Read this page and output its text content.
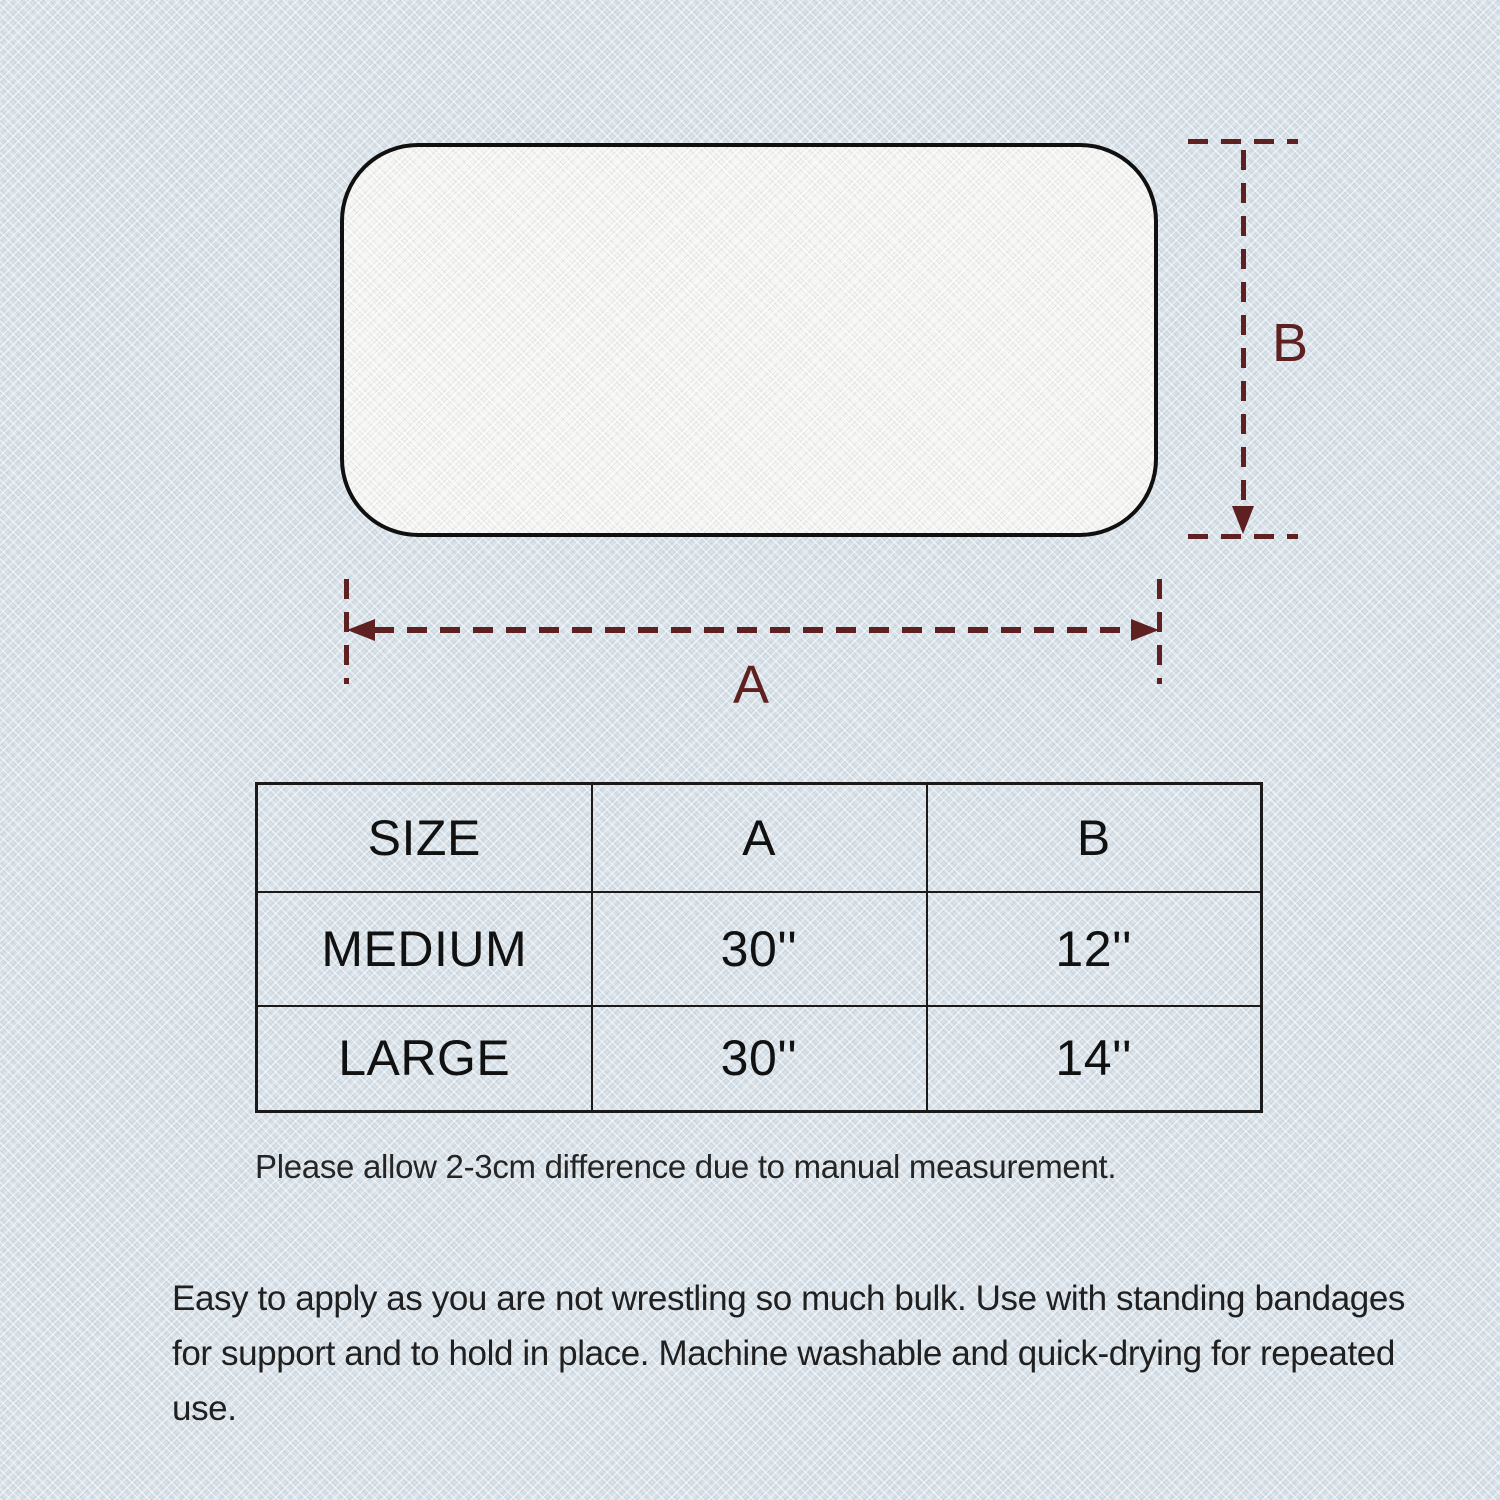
B
A
SIZE	A	B
MEDIUM	30''	12''
LARGE	30''	14''
Please allow 2-3cm difference due to manual measurement.
Easy to apply as you are not wrestling so much bulk. Use with standing bandages for support and to hold in place. Machine washable and quick-drying for repeated use.
